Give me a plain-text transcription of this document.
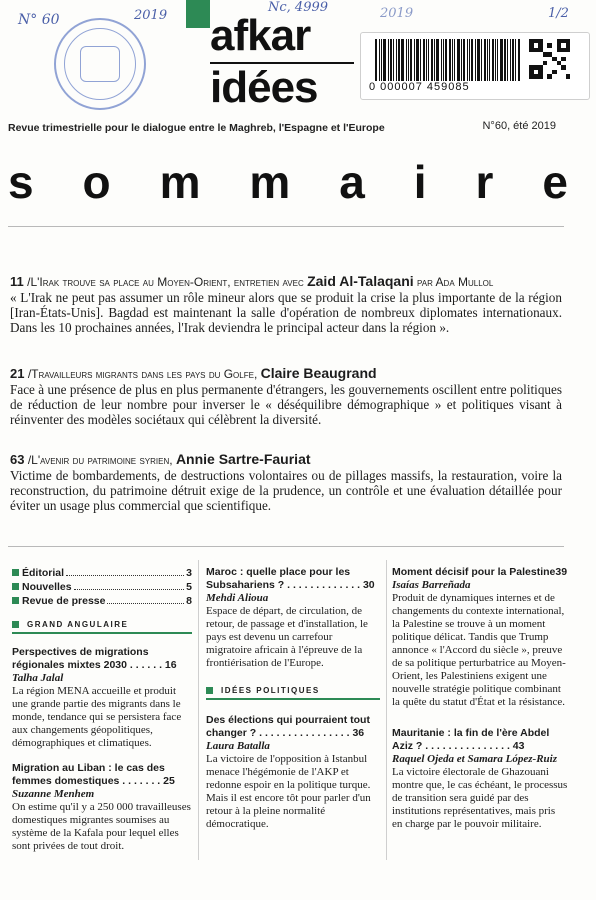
N° 60	2019
Nc, 4999	2019	1/2
afkar
idées	0 000007 459085
Revue trimestrielle pour le dialogue entre le Maghreb, l'Espagne et l'Europe	N°60, été 2019
s o m m a i r e
11 /L'Irak trouve sa place au Moyen-Orient, entretien avec Zaid Al-Talaqani par Ada Mullol

« L'Irak ne peut pas assumer un rôle mineur alors que se produit la crise la plus importante de la région [Iran-États-Unis]. Bagdad est maintenant la salle d'opération de nombreux diplomates internationaux. Dans les 10 prochaines années, l'Irak deviendra le principal acteur dans la région ».

21 /Travailleurs migrants dans les pays du Golfe, Claire Beaugrand

Face à une présence de plus en plus permanente d'étrangers, les gouvernements oscillent entre politiques de réduction de leur nombre pour inverser le « déséquilibre démographique » et politiques visant à réinventer des modèles sociétaux qui célèbrent la diversité.

63 /L'avenir du patrimoine syrien, Annie Sartre-Fauriat

Victime de bombardements, de destructions volontaires ou de pillages massifs, la restauration, voire la reconstruction, du patrimoine détruit exige de la prudence, un contrôle et une évaluation détaillée pour éviter un usage plus commercial que scientifique.

Éditorial	3
Nouvelles	5
Revue de presse	8
GRAND ANGULAIRE
Perspectives de migrations régionales mixtes 2030 . . . . . . 16
Talha Jalal
La région MENA accueille et produit une grande partie des migrants dans le monde, tendance qui se persistera face aux changements géopolitiques, démographiques et climatiques.
Migration au Liban : le cas des femmes domestiques . . . . . . . 25
Suzanne Menhem
On estime qu'il y a 250 000 travailleuses domestiques migrantes soumises au système de la Kafala pour lequel elles sont privées de tout droit.
Maroc : quelle place pour les Subsahariens ? . . . . . . . . . . . . . 30
Mehdi Alioua
Espace de départ, de circulation, de retour, de passage et d'installation, le pays est devenu un carrefour migratoire africain à l'épreuve de la frontiérisation de l'Europe.
IDÉES POLITIQUES
Des élections qui pourraient tout changer ? . . . . . . . . . . . . . . . . 36
Laura Batalla
La victoire de l'opposition à Istanbul menace l'hégémonie de l'AKP et redonne espoir en la politique turque. Mais il est encore tôt pour parler d'un retour à la pleine normalité démocratique.
Moment décisif pour la Palestine39
Isaías Barreñada
Produit de dynamiques internes et de changements du contexte international, la Palestine se trouve à un moment politique délicat. Tandis que Trump annonce « l'Accord du siècle », preuve de sa politique perturbatrice au Moyen-Orient, les Palestiniens exigent une nouvelle stratégie politique combinant la quête du statut d'État et la résistance.
Mauritanie : la fin de l'ère Abdel Aziz ? . . . . . . . . . . . . . . . 43
Raquel Ojeda et Samara López-Ruiz
La victoire électorale de Ghazouani montre que, le cas échéant, le processus de transition sera guidé par des institutions représentatives, mais pris en charge par le pouvoir militaire.
